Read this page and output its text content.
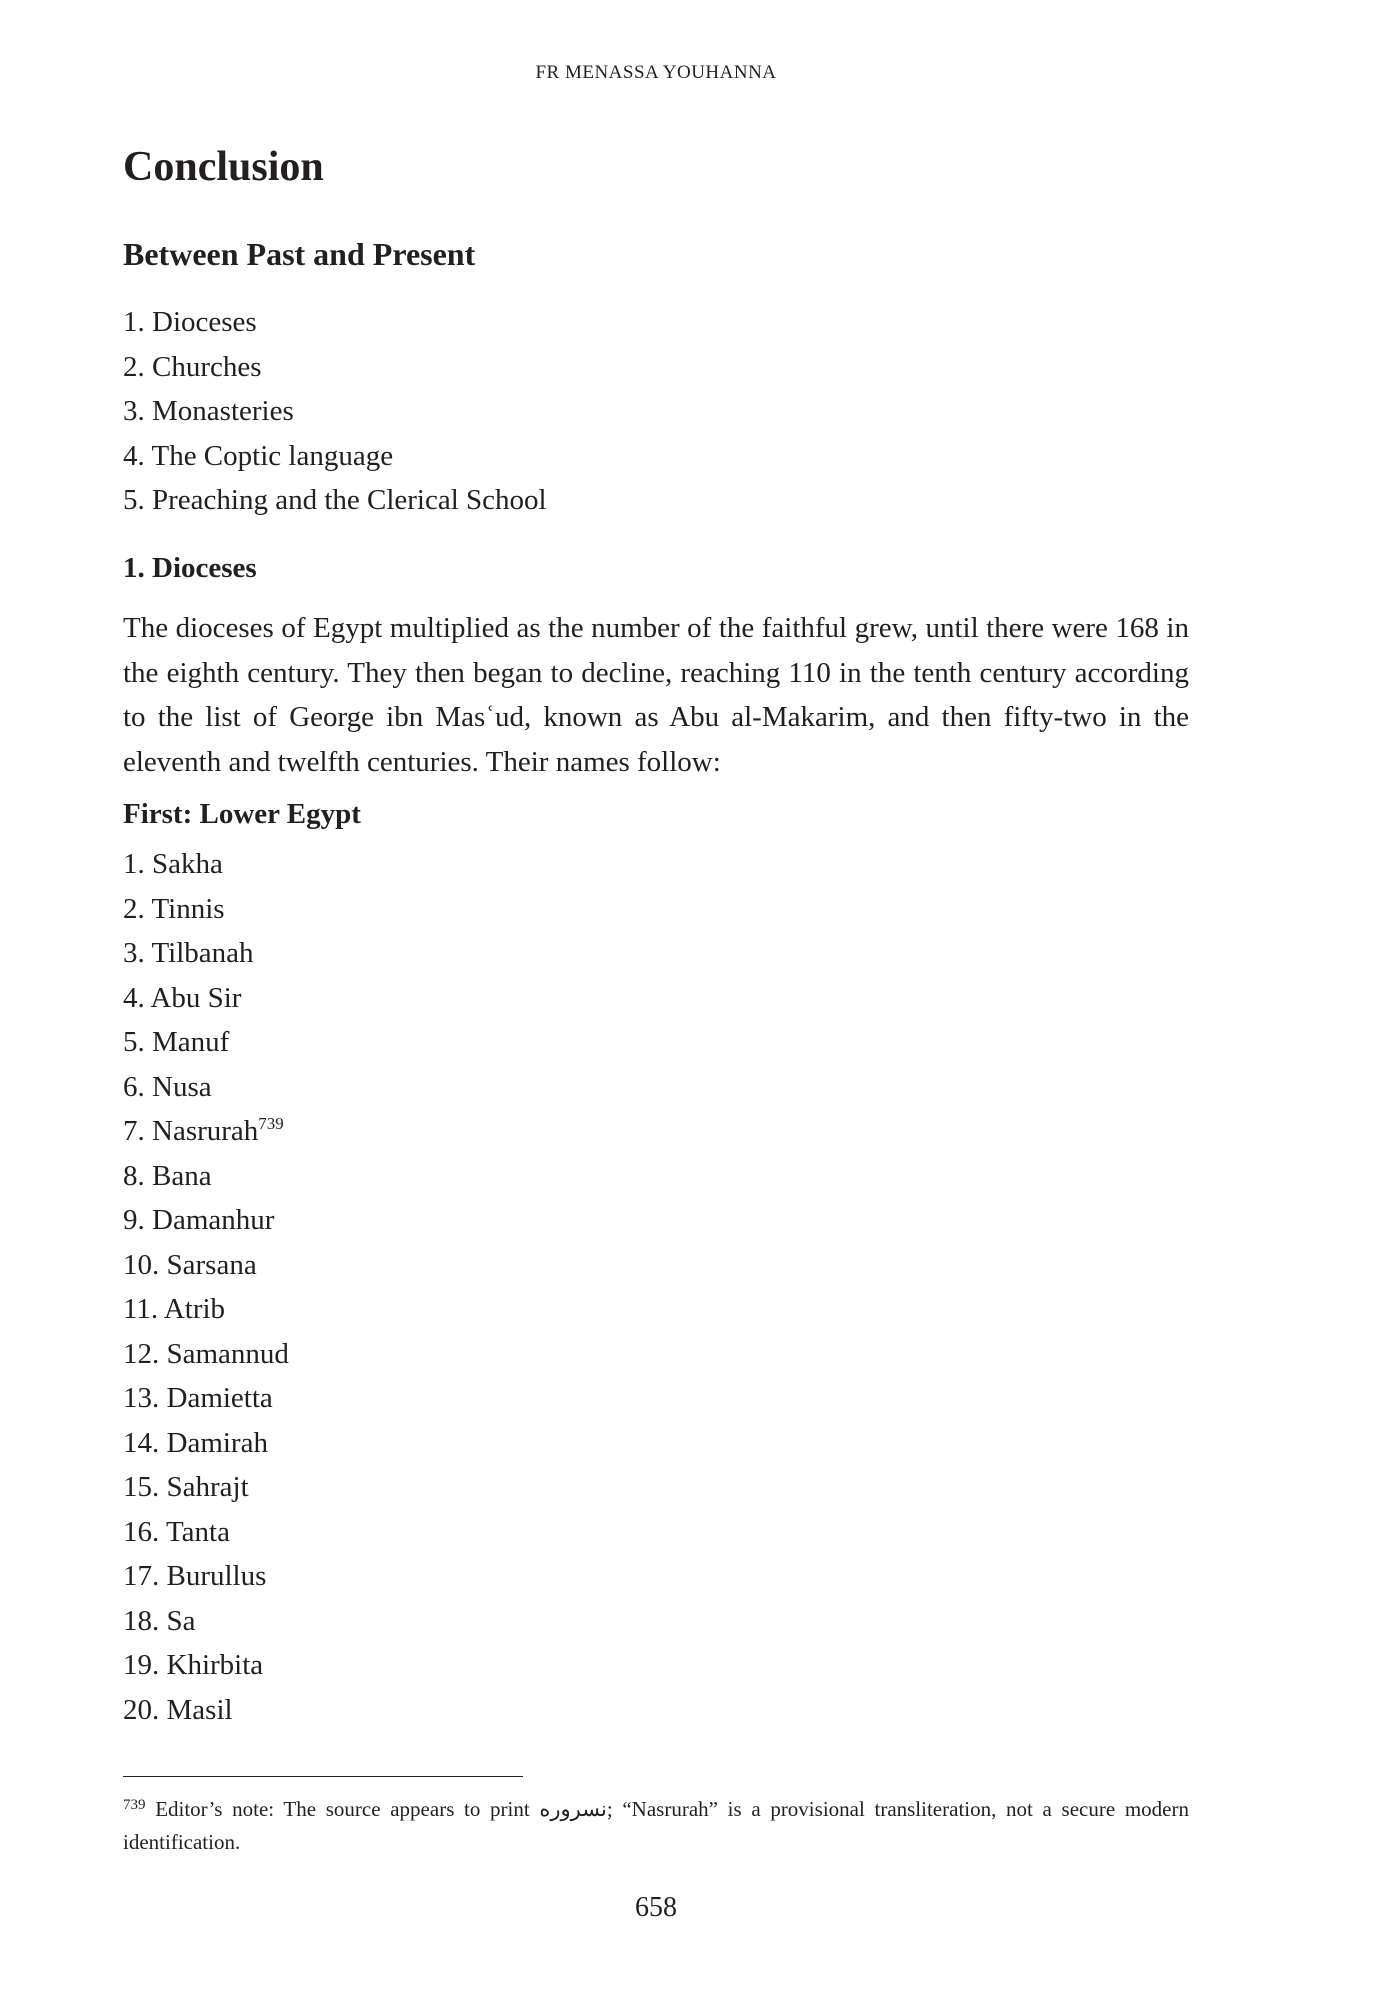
FR MENASSA YOUHANNA
Conclusion
Between Past and Present
1. Dioceses
2. Churches
3. Monasteries
4. The Coptic language
5. Preaching and the Clerical School
1. Dioceses

The dioceses of Egypt multiplied as the number of the faithful grew, until there were 168 in the eighth century. They then began to decline, reaching 110 in the tenth century according to the list of George ibn Masʿud, known as Abu al-Makarim, and then fifty-two in the eleventh and twelfth centuries. Their names follow:

First: Lower Egypt
1. Sakha
2. Tinnis
3. Tilbanah
4. Abu Sir
5. Manuf
6. Nusa
7. Nasrurah$^{739}$
8. Bana
9. Damanhur
10. Sarsana
11. Atrib
12. Samannud
13. Damietta
14. Damirah
15. Sahrajt
16. Tanta
17. Burullus
18. Sa
19. Khirbita
20. Masil

$^{739}$ Editor’s note: The source appears to print نسروره; “Nasrurah” is a provisional transliteration, not a secure modern identification.

658
